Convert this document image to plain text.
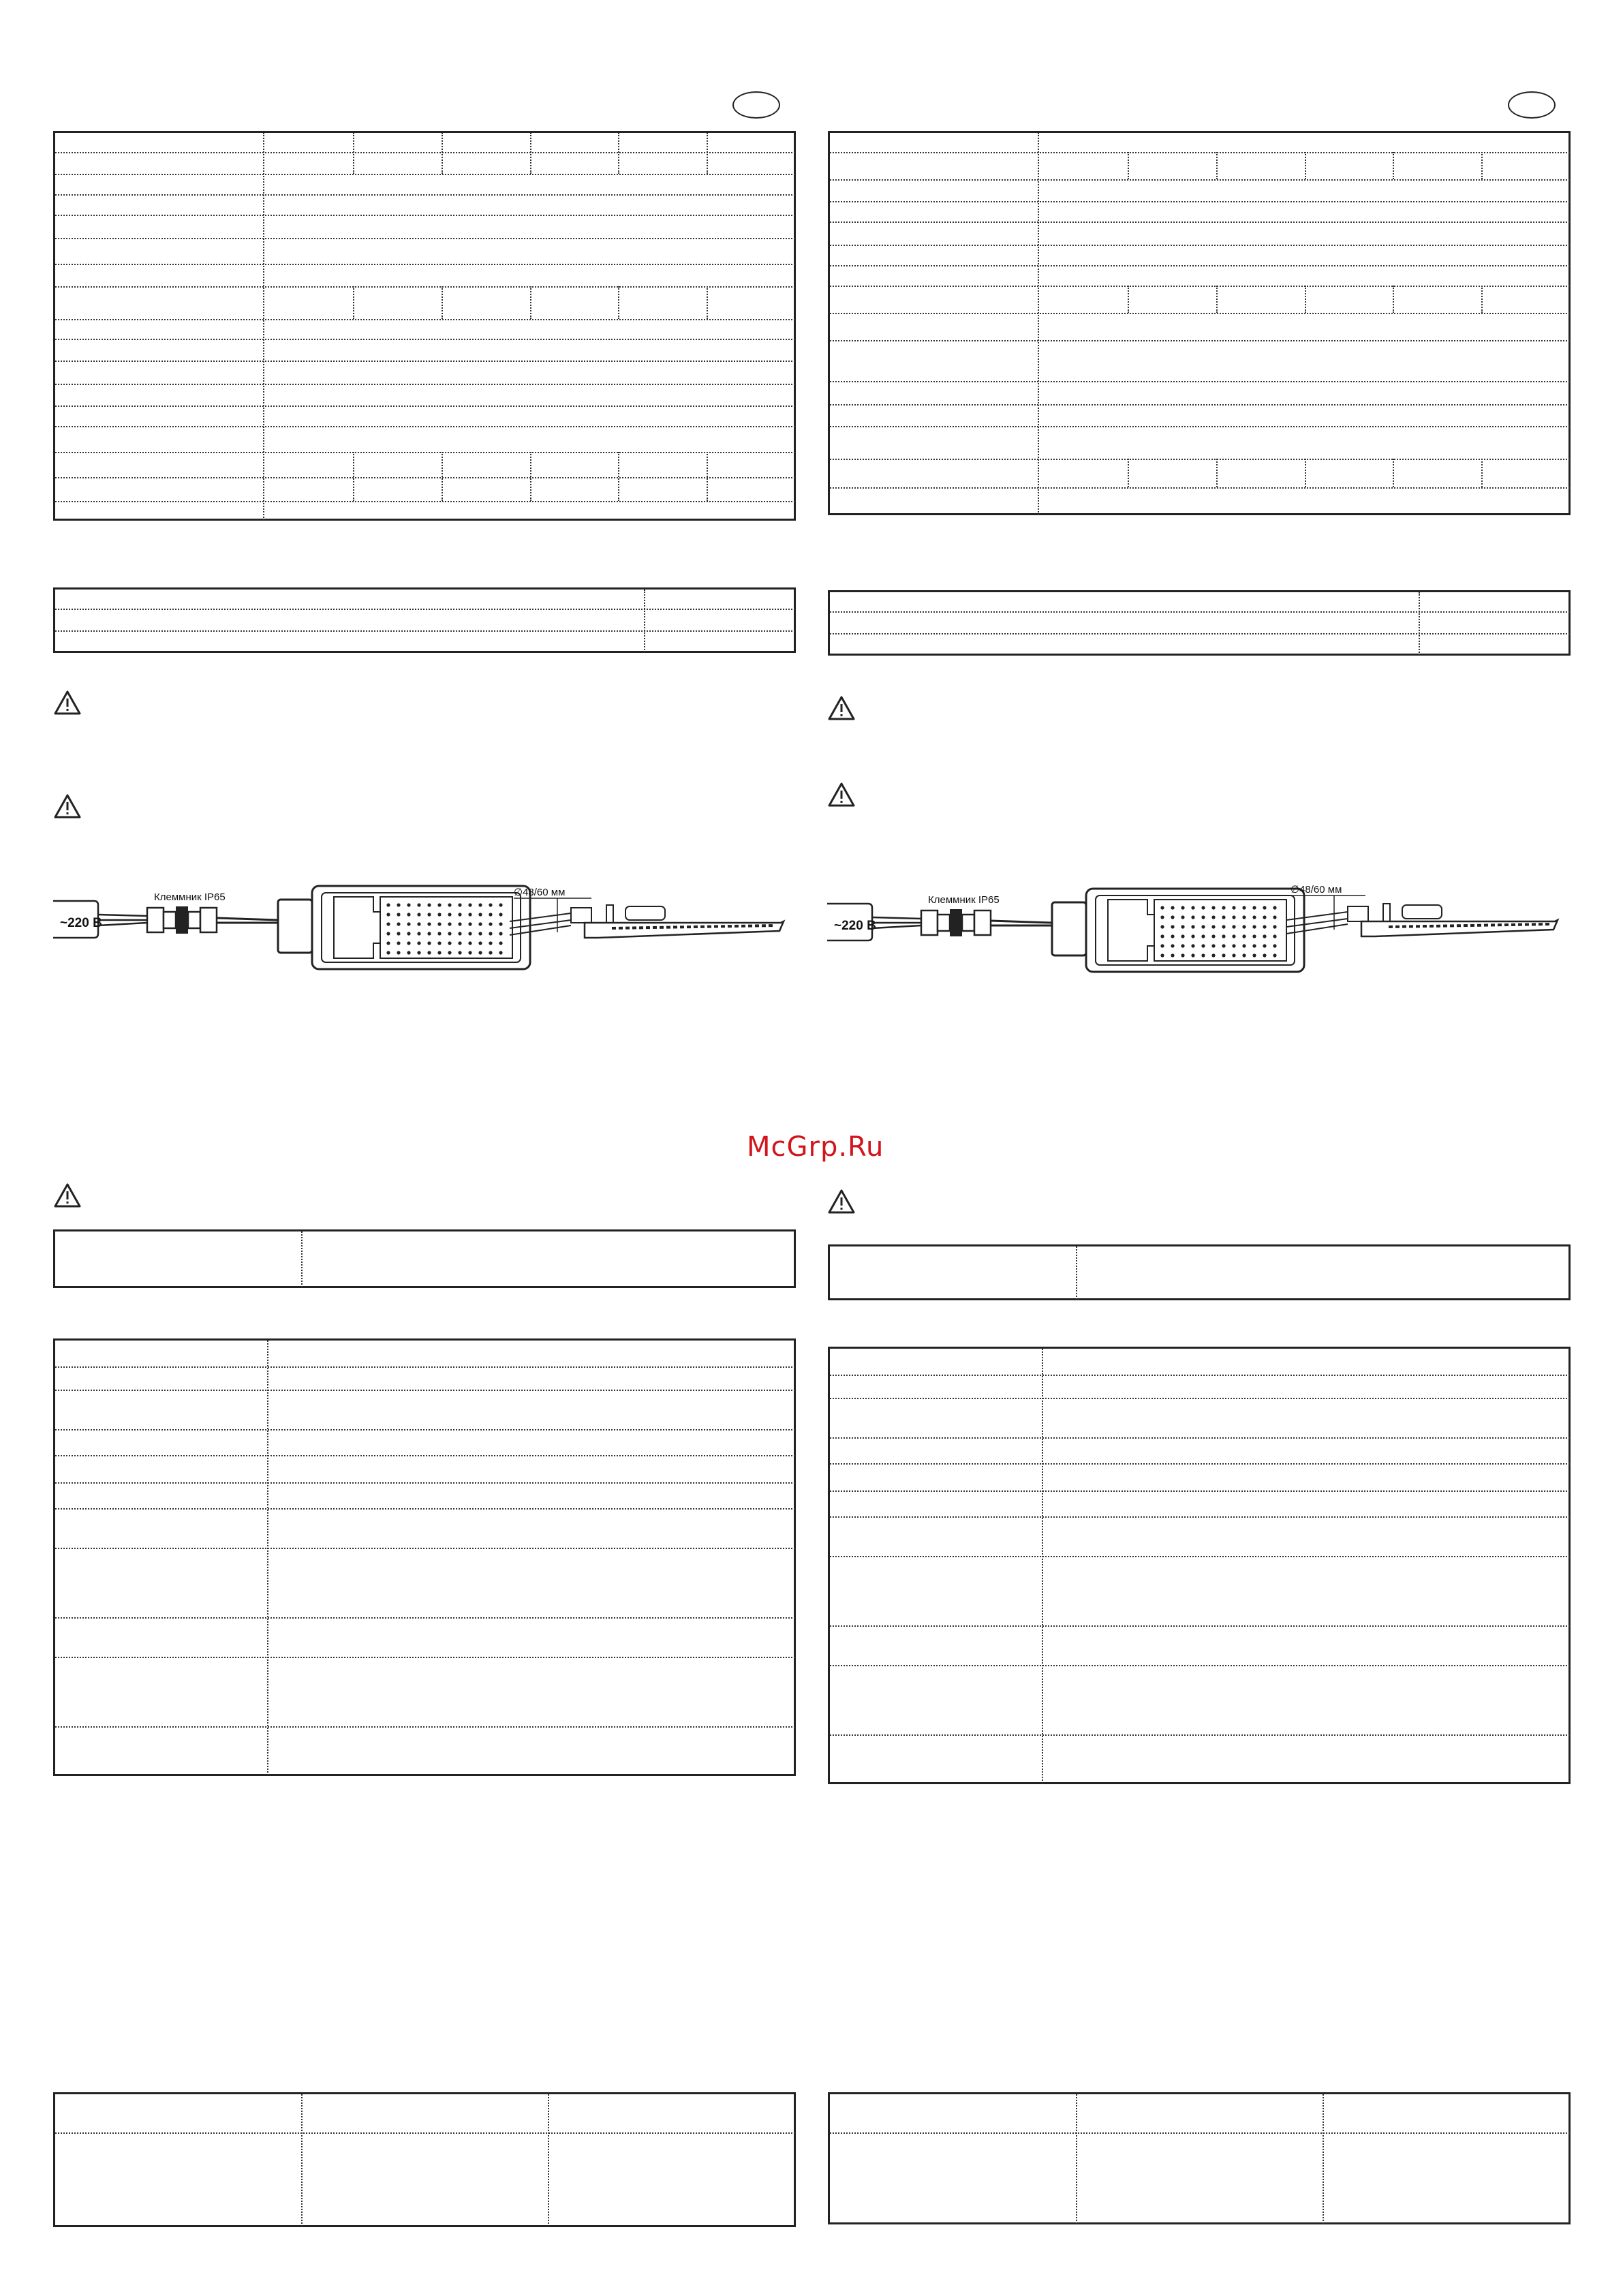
~220 В
Клеммник IP65	∅48/60 мм
~220 В
Клеммник IP65
∅48/60 мм
McGrp.Ru
